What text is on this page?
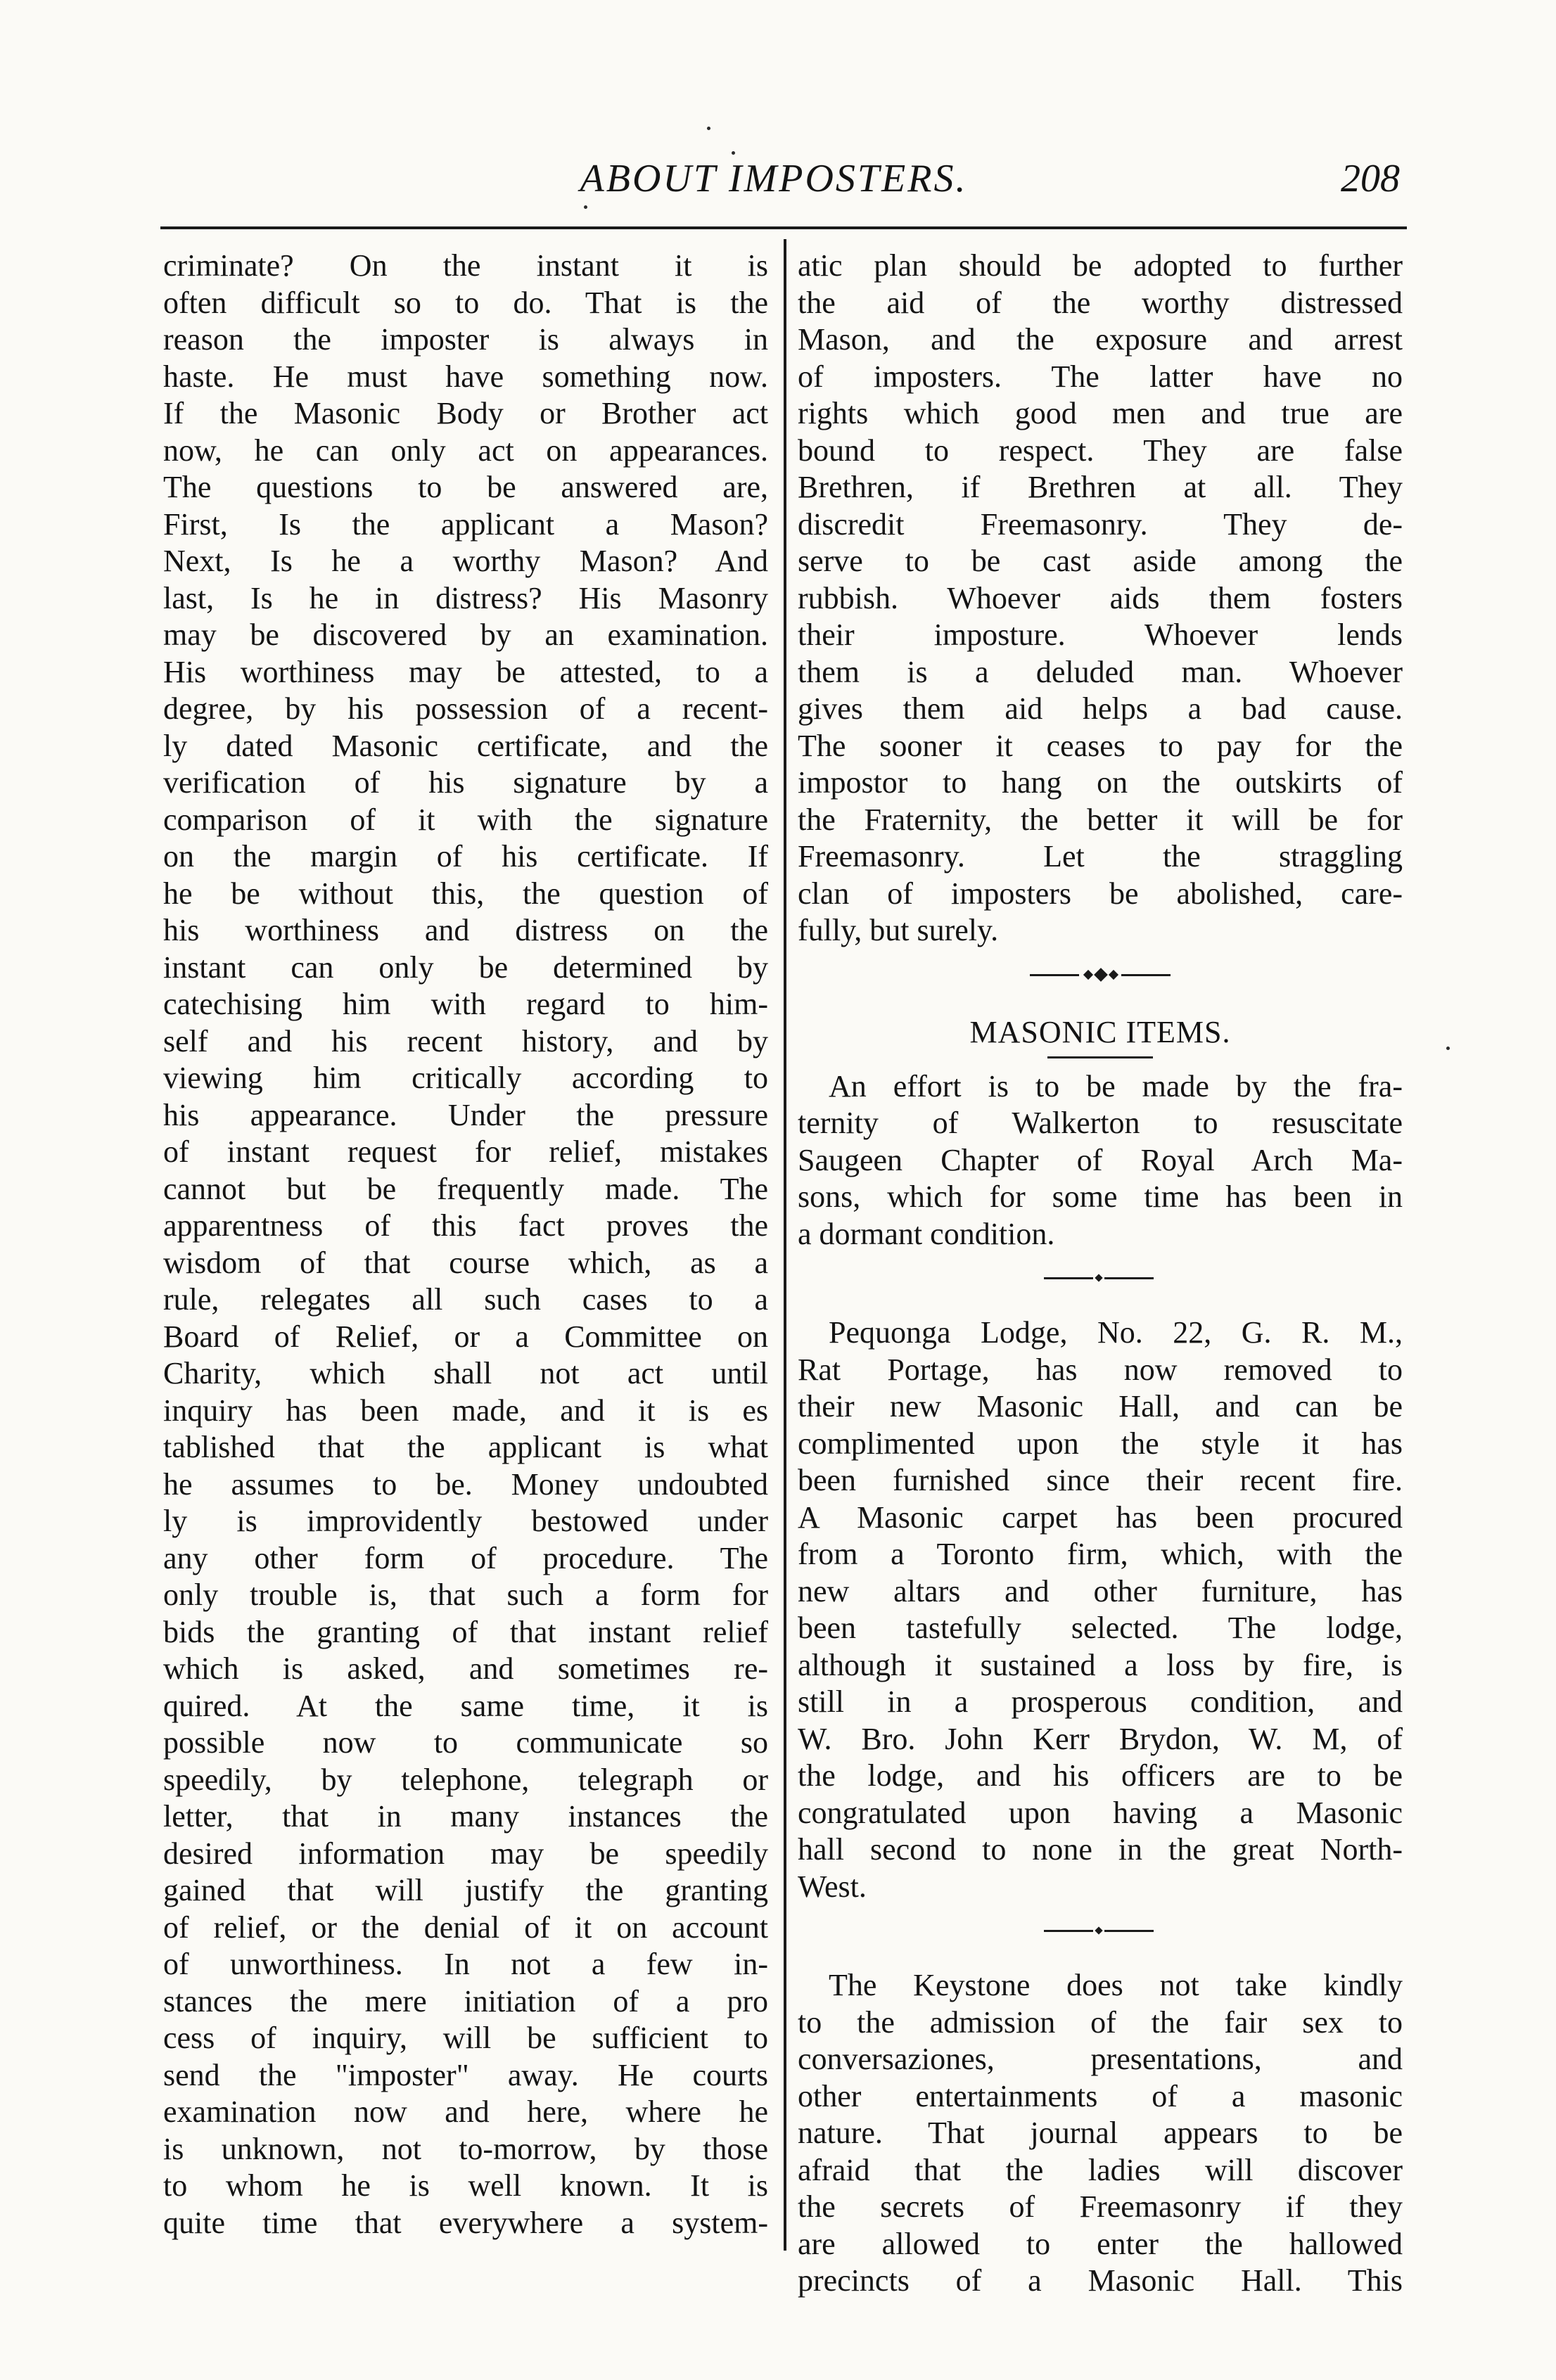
ABOUT IMPOSTERS.	208
criminate? On the instant it is
often difficult so to do. That is the
reason the imposter is always in
haste. He must have something now.
If the Masonic Body or Brother act
now, he can only act on appearances.
The questions to be answered are,
First, Is the applicant a Mason?
Next, Is he a worthy Mason? And
last, Is he in distress? His Masonry
may be discovered by an examination.
His worthiness may be attested, to a
degree, by his possession of a recent-
ly dated Masonic certificate, and the
verification of his signature by a
comparison of it with the signature
on the margin of his certificate. If
he be without this, the question of
his worthiness and distress on the
instant can only be determined by
catechising him with regard to him-
self and his recent history, and by
viewing him critically according to
his appearance. Under the pressure
of instant request for relief, mistakes
cannot but be frequently made. The
apparentness of this fact proves the
wisdom of that course which, as a
rule, relegates all such cases to a
Board of Relief, or a Committee on
Charity, which shall not act until
inquiry has been made, and it is es
tablished that the applicant is what
he assumes to be. Money undoubted
ly is improvidently bestowed under
any other form of procedure. The
only trouble is, that such a form for
bids the granting of that instant relief
which is asked, and sometimes re-
quired. At the same time, it is
possible now to communicate so
speedily, by telephone, telegraph or
letter, that in many instances the
desired information may be speedily
gained that will justify the granting
of relief, or the denial of it on account
of unworthiness. In not a few in-
stances the mere initiation of a pro
cess of inquiry, will be sufficient to
send the "imposter" away. He courts
examination now and here, where he
is unknown, not to-morrow, by those
to whom he is well known. It is
quite time that everywhere a system-
atic plan should be adopted to further
the aid of the worthy distressed
Mason, and the exposure and arrest
of imposters. The latter have no
rights which good men and true are
bound to respect. They are false
Brethren, if Brethren at all. They
discredit Freemasonry. They de-
serve to be cast aside among the
rubbish. Whoever aids them fosters
their imposture. Whoever lends
them is a deluded man. Whoever
gives them aid helps a bad cause.
The sooner it ceases to pay for the
impostor to hang on the outskirts of
the Fraternity, the better it will be for
Freemasonry. Let the straggling
clan of imposters be abolished, care-
fully, but surely.
MASONIC ITEMS.
An effort is to be made by the fra-
ternity of Walkerton to resuscitate
Saugeen Chapter of Royal Arch Ma-
sons, which for some time has been in
a dormant condition.
Pequonga Lodge, No. 22, G. R. M.,
Rat Portage, has now removed to
their new Masonic Hall, and can be
complimented upon the style it has
been furnished since their recent fire.
A Masonic carpet has been procured
from a Toronto firm, which, with the
new altars and other furniture, has
been tastefully selected. The lodge,
although it sustained a loss by fire, is
still in a prosperous condition, and
W. Bro. John Kerr Brydon, W. M, of
the lodge, and his officers are to be
congratulated upon having a Masonic
hall second to none in the great North-
West.
The Keystone does not take kindly
to the admission of the fair sex to
conversaziones, presentations, and
other entertainments of a masonic
nature. That journal appears to be
afraid that the ladies will discover
the secrets of Freemasonry if they
are allowed to enter the hallowed
precincts of a Masonic Hall. This
